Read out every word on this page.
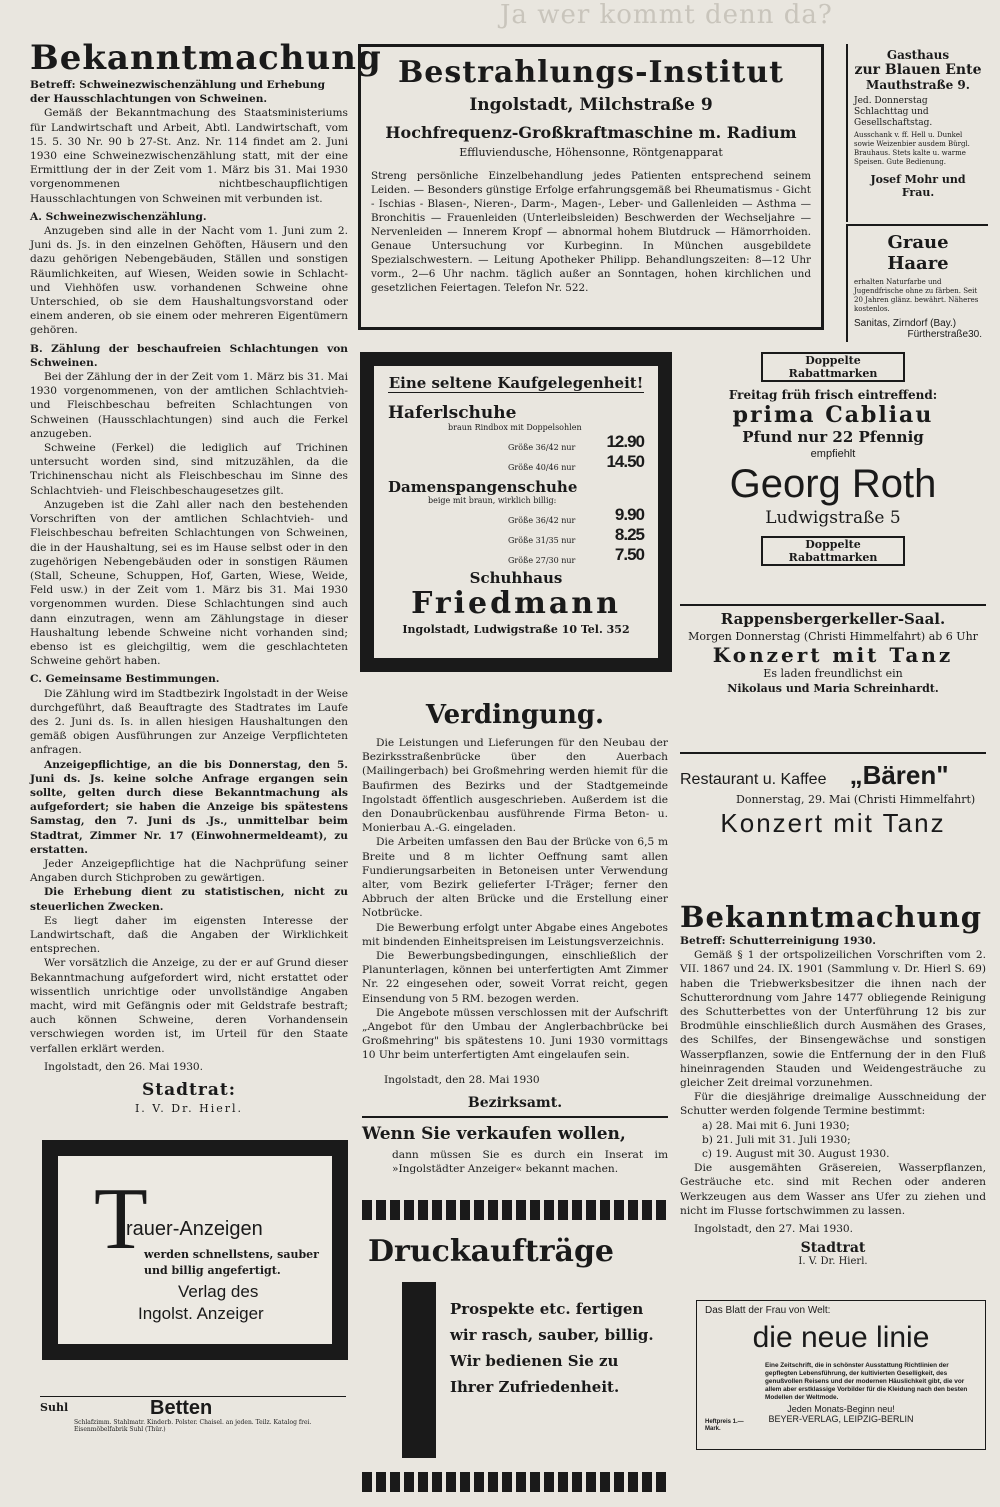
Ja wer kommt denn da?
Bekanntmachung

Betreff: Schweinezwischenzählung und Erhebung der Hausschlachtungen von Schweinen.

Gemäß der Bekanntmachung des Staatsministeriums für Landwirtschaft und Arbeit, Abtl. Landwirtschaft, vom 15. 5. 30 Nr. 90 b 27-St. Anz. Nr. 114 findet am 2. Juni 1930 eine Schweinezwischenzählung statt, mit der eine Ermittlung der in der Zeit vom 1. März bis 31. Mai 1930 vorgenommenen nichtbeschaupflichtigen Hausschlachtungen von Schweinen mit verbunden ist.

A. Schweinezwischenzählung.

Anzugeben sind alle in der Nacht vom 1. Juni zum 2. Juni ds. Js. in den einzelnen Gehöften, Häusern und den dazu gehörigen Nebengebäuden, Ställen und sonstigen Räumlichkeiten, auf Wiesen, Weiden sowie in Schlacht- und Viehhöfen usw. vorhandenen Schweine ohne Unterschied, ob sie dem Haushaltungsvorstand oder einem anderen, ob sie einem oder mehreren Eigentümern gehören.

B. Zählung der beschaufreien Schlachtungen von Schweinen.

Bei der Zählung der in der Zeit vom 1. März bis 31. Mai 1930 vorgenommenen, von der amtlichen Schlachtvieh- und Fleischbeschau befreiten Schlachtungen von Schweinen (Hausschlachtungen) sind auch die Ferkel anzugeben.

Schweine (Ferkel) die lediglich auf Trichinen untersucht worden sind, sind mitzuzählen, da die Trichinenschau nicht als Fleischbeschau im Sinne des Schlachtvieh- und Fleischbeschaugesetzes gilt.

Anzugeben ist die Zahl aller nach den bestehenden Vorschriften von der amtlichen Schlachtvieh- und Fleischbeschau befreiten Schlachtungen von Schweinen, die in der Haushaltung, sei es im Hause selbst oder in den zugehörigen Nebengebäuden oder in sonstigen Räumen (Stall, Scheune, Schuppen, Hof, Garten, Wiese, Weide, Feld usw.) in der Zeit vom 1. März bis 31. Mai 1930 vorgenommen wurden. Diese Schlachtungen sind auch dann einzutragen, wenn am Zählungstage in dieser Haushaltung lebende Schweine nicht vorhanden sind; ebenso ist es gleichgiltig, wem die geschlachteten Schweine gehört haben.

C. Gemeinsame Bestimmungen.

Die Zählung wird im Stadtbezirk Ingolstadt in der Weise durchgeführt, daß Beauftragte des Stadtrates im Laufe des 2. Juni ds. Is. in allen hiesigen Haushaltungen den gemäß obigen Ausführungen zur Anzeige Verpflichteten anfragen.

Anzeigepflichtige, an die bis Donnerstag, den 5. Juni ds. Js. keine solche Anfrage ergangen sein sollte, gelten durch diese Bekanntmachung als aufgefordert; sie haben die Anzeige bis spätestens Samstag, den 7. Juni ds .Js., unmittelbar beim Stadtrat, Zimmer Nr. 17 (Einwohnermeldeamt), zu erstatten.

Jeder Anzeigepflichtige hat die Nachprüfung seiner Angaben durch Stichproben zu gewärtigen.

Die Erhebung dient zu statistischen, nicht zu steuerlichen Zwecken.

Es liegt daher im eigensten Interesse der Landwirtschaft, daß die Angaben der Wirklichkeit entsprechen.

Wer vorsätzlich die Anzeige, zu der er auf Grund dieser Bekanntmachung aufgefordert wird, nicht erstattet oder wissentlich unrichtige oder unvollständige Angaben macht, wird mit Gefängnis oder mit Geldstrafe bestraft; auch können Schweine, deren Vorhandensein verschwiegen worden ist, im Urteil für den Staate verfallen erklärt werden.

Ingolstadt, den 26. Mai 1930.

Stadtrat:

I. V. Dr. Hierl.

T
rauer-Anzeigen
werden schnellstens, sauber
und billig angefertigt.
Verlag des
Ingolst. Anzeiger
Suhl	Betten
Schlafzimm. Stahlmatr. Kinderb. Polster. Chaisel. an jeden. Teilz. Katalog frei. Eisenmöbelfabrik Suhl (Thür.)
Bestrahlungs-Institut
Ingolstadt, Milchstraße 9
Hochfrequenz-Großkraftmaschine m. Radium
Effluviendusche, Höhensonne, Röntgenapparat

Streng persönliche Einzelbehandlung jedes Patienten entsprechend seinem Leiden. — Besonders günstige Erfolge erfahrungsgemäß bei Rheumatismus - Gicht - Ischias - Blasen-, Nieren-, Darm-, Magen-, Leber- und Gallenleiden — Asthma — Bronchitis — Frauenleiden (Unterleibsleiden) Beschwerden der Wechseljahre — Nervenleiden — Innerem Kropf — abnormal hohem Blutdruck — Hämorrhoiden. Genaue Untersuchung vor Kurbeginn. In München ausgebildete Spezialschwestern. — Leitung Apotheker Philipp. Behandlungszeiten: 8—12 Uhr vorm., 2—6 Uhr nachm. täglich außer an Sonntagen, hohen kirchlichen und gesetzlichen Feiertagen. Telefon Nr. 522.

Eine seltene Kaufgelegenheit!
Haferlschuhe
braun Rindbox mit Doppelsohlen
Größe 36/42 nur 12.90
Größe 40/46 nur 14.50
Damenspangenschuhe
beige mit braun, wirklich billig:
Größe 36/42 nur 9.90
Größe 31/35 nur 8.25
Größe 27/30 nur 7.50
Schuhhaus
Friedmann
Ingolstadt, Ludwigstraße 10 Tel. 352
Verdingung.

Die Leistungen und Lieferungen für den Neubau der Bezirksstraßenbrücke über den Auerbach (Mailingerbach) bei Großmehring werden hiemit für die Baufirmen des Bezirks und der Stadtgemeinde Ingolstadt öffentlich ausgeschrieben. Außerdem ist die den Donaubrückenbau ausführende Firma Beton- u. Monierbau A.-G. eingeladen.

Die Arbeiten umfassen den Bau der Brücke von 6,5 m Breite und 8 m lichter Oeffnung samt allen Fundierungsarbeiten in Betoneisen unter Verwendung alter, vom Bezirk gelieferter I-Träger; ferner den Abbruch der alten Brücke und die Erstellung einer Notbrücke.

Die Bewerbung erfolgt unter Abgabe eines Angebotes mit bindenden Einheitspreisen im Leistungsverzeichnis.

Die Bewerbungsbedingungen, einschließlich der Planunterlagen, können bei unterfertigten Amt Zimmer Nr. 22 eingesehen oder, soweit Vorrat reicht, gegen Einsendung von 5 RM. bezogen werden.

Die Angebote müssen verschlossen mit der Aufschrift „Angebot für den Umbau der Anglerbachbrücke bei Großmehring" bis spätestens 10. Juni 1930 vormittags 10 Uhr beim unterfertigten Amt eingelaufen sein.

Ingolstadt, den 28. Mai 1930

Bezirksamt.

Wenn Sie verkaufen wollen,

dann müssen Sie es durch ein Inserat im »Ingolstädter Anzeiger« bekannt machen.

Druckaufträge
Prospekte etc. fertigen
wir rasch, sauber, billig.
Wir bedienen Sie zu
Ihrer Zufriedenheit.
Gasthaus
zur Blauen Ente
Mauthstraße 9.
Jed. Donnerstag Schlachttag und Gesellschaftstag.
Ausschank v. ff. Hell u. Dunkel sowie Weizenbier ausdem Bürgl. Brauhaus. Stets kalte u. warme Speisen. Gute Bedienung.
Josef Mohr und Frau.
Graue Haare
erhalten Naturfarbe und Jugendfrische ohne zu färben. Seit 20 Jahren glänz. bewährt. Näheres kostenlos.
Sanitas, Zirndorf (Bay.)
Fürtherstraße30.
Doppelte Rabattmarken
Freitag früh frisch eintreffend:
prima Cabliau
Pfund nur 22 Pfennig
empfiehlt
Georg Roth
Ludwigstraße 5
Doppelte Rabattmarken
Rappensbergerkeller-Saal.
Morgen Donnerstag (Christi Himmelfahrt) ab 6 Uhr
Konzert mit Tanz
Es laden freundlichst ein
Nikolaus und Maria Schreinhardt.
Restaurant u. Kaffee „Bären"
Donnerstag, 29. Mai (Christi Himmelfahrt)
Konzert mit Tanz
Bekanntmachung

Betreff: Schutterreinigung 1930.

Gemäß § 1 der ortspolizeilichen Vorschriften vom 2. VII. 1867 und 24. IX. 1901 (Sammlung v. Dr. Hierl S. 69) haben die Triebwerksbesitzer die ihnen nach der Schutterordnung vom Jahre 1477 obliegende Reinigung des Schutterbettes von der Unterführung 12 bis zur Brodmühle einschließlich durch Ausmähen des Grases, des Schilfes, der Binsengewächse und sonstigen Wasserpflanzen, sowie die Entfernung der in den Fluß hineinragenden Stauden und Weidengesträuche zu gleicher Zeit dreimal vorzunehmen.

Für die diesjährige dreimalige Ausschneidung der Schutter werden folgende Termine bestimmt:

a) 28. Mai mit 6. Juni 1930;

b) 21. Juli mit 31. Juli 1930;

c) 19. August mit 30. August 1930.

Die ausgemähten Gräsereien, Wasserpflanzen, Gesträuche etc. sind mit Rechen oder anderen Werkzeugen aus dem Wasser ans Ufer zu ziehen und nicht im Flusse fortschwimmen zu lassen.

Ingolstadt, den 27. Mai 1930.

Stadtrat

I. V. Dr. Hierl.

Das Blatt der Frau von Welt:
die neue linie
Eine Zeitschrift, die in schönster Ausstattung Richtlinien der gepflegten Lebensführung, der kultivierten Geselligkeit, des genußvollen Reisens und der modernen Häuslichkeit gibt, die vor allem aber erstklassige Vorbilder für die Kleidung nach den besten Modellen der Weltmode.
Heftpreis 1.— Mark.
Jeden Monats-Beginn neu!
BEYER-VERLAG, LEIPZIG-BERLIN
